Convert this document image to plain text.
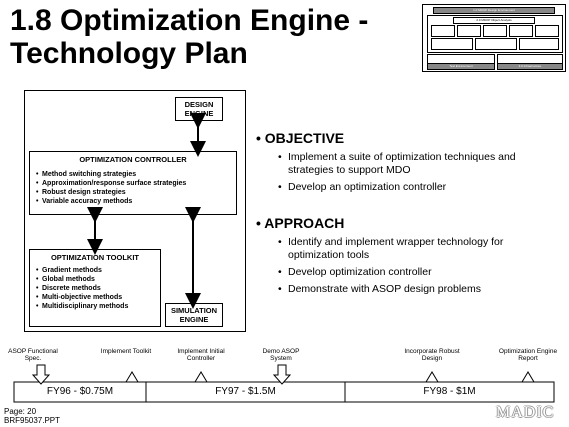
1.8 Optimization Engine -
Technology Plan
1.0 MDOP Design Environment
2.0 MDOP Object Analysis
Test Environment	3.0 Infrastructure
DESIGN ENGINE
OPTIMIZATION CONTROLLER
• Method switching strategies
• Approximation/response surface strategies
• Robust design strategies
• Variable accuracy methods
OPTIMIZATION TOOLKIT
• Gradient methods
• Global methods
• Discrete methods
• Multi-objective methods
• Multidisciplinary methods	SIMULATION ENGINE
• OBJECTIVE
• Implement a suite of optimization techniques and strategies to support MDO
• Develop an optimization controller
• APPROACH
• Identify and implement wrapper technology for optimization tools
• Develop optimization controller
• Demonstrate with ASOP design problems
ASOP Functional Spec.
Implement Toolkit	Implement Initial Controller
Demo ASOP System
Incorporate Robust Design
Optimization Engine Report
FY96 - $0.75M	FY97 - $1.5M	FY98 - $1M
Page: 20
BRF95037.PPT	MADIC
